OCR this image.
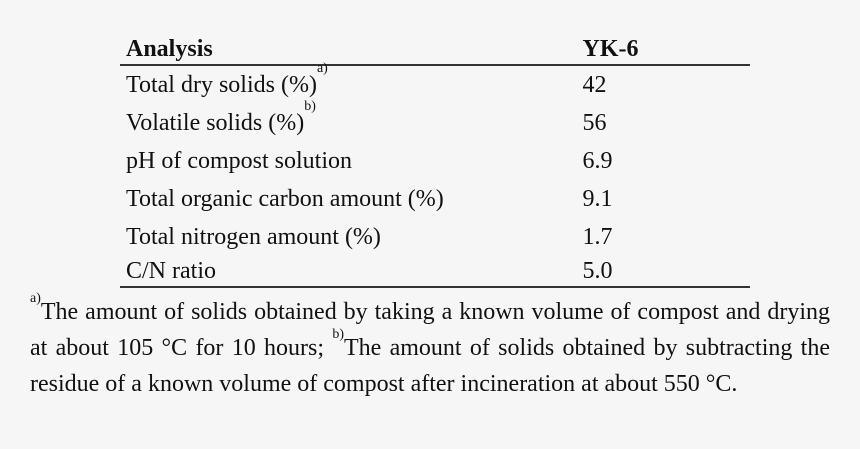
Analysis	YK-6
Total dry solids (%)$^{a)}$	42
Volatile solids (%)$^{b)}$	56
pH of compost solution	6.9
Total organic carbon amount (%)	9.1
Total nitrogen amount (%)	1.7
C/N ratio	5.0

$^{a)}$The amount of solids obtained by taking a known volume of compost and drying at about 105 °C for 10 hours; $^{b)}$The amount of solids obtained by subtracting the residue of a known volume of compost after incineration at about 550 °C.
